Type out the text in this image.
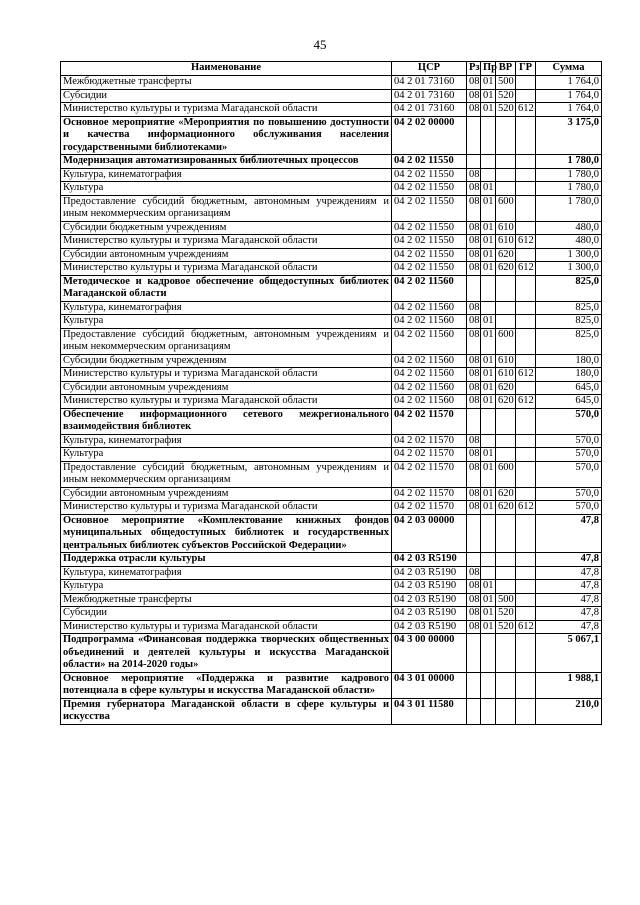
45
Наименование	ЦСР	Рз	Пр	ВР	ГР	Сумма
Межбюджетные трансферты	04 2 01 73160	08	01	500		1 764,0
Субсидии	04 2 01 73160	08	01	520		1 764,0
Министерство культуры и туризма Магаданской области	04 2 01 73160	08	01	520	612	1 764,0
Основное мероприятие «Мероприятия по повышению доступности и качества информационного обслуживания населения государственными библиотеками»	04 2 02 00000					3 175,0
Модернизация автоматизированных библиотечных процессов	04 2 02 11550					1 780,0
Культура, кинематография	04 2 02 11550	08				1 780,0
Культура	04 2 02 11550	08	01			1 780,0
Предоставление субсидий бюджетным, автономным учреждениям и иным некоммерческим организациям	04 2 02 11550	08	01	600		1 780,0
Субсидии бюджетным учреждениям	04 2 02 11550	08	01	610		480,0
Министерство культуры и туризма Магаданской области	04 2 02 11550	08	01	610	612	480,0
Субсидии автономным учреждениям	04 2 02 11550	08	01	620		1 300,0
Министерство культуры и туризма Магаданской области	04 2 02 11550	08	01	620	612	1 300,0
Методическое и кадровое обеспечение общедоступных библиотек Магаданской области	04 2 02 11560					825,0
Культура, кинематография	04 2 02 11560	08				825,0
Культура	04 2 02 11560	08	01			825,0
Предоставление субсидий бюджетным, автономным учреждениям и иным некоммерческим организациям	04 2 02 11560	08	01	600		825,0
Субсидии бюджетным учреждениям	04 2 02 11560	08	01	610		180,0
Министерство культуры и туризма Магаданской области	04 2 02 11560	08	01	610	612	180,0
Субсидии автономным учреждениям	04 2 02 11560	08	01	620		645,0
Министерство культуры и туризма Магаданской области	04 2 02 11560	08	01	620	612	645,0
Обеспечение информационного сетевого межрегионального взаимодействия библиотек	04 2 02 11570					570,0
Культура, кинематография	04 2 02 11570	08				570,0
Культура	04 2 02 11570	08	01			570,0
Предоставление субсидий бюджетным, автономным учреждениям и иным некоммерческим организациям	04 2 02 11570	08	01	600		570,0
Субсидии автономным учреждениям	04 2 02 11570	08	01	620		570,0
Министерство культуры и туризма Магаданской области	04 2 02 11570	08	01	620	612	570,0
Основное мероприятие «Комплектование книжных фондов муниципальных общедоступных библиотек и государственных центральных библиотек субъектов Российской Федерации»	04 2 03 00000					47,8
Поддержка отрасли культуры	04 2 03 R5190					47,8
Культура, кинематография	04 2 03 R5190	08				47,8
Культура	04 2 03 R5190	08	01			47,8
Межбюджетные трансферты	04 2 03 R5190	08	01	500		47,8
Субсидии	04 2 03 R5190	08	01	520		47,8
Министерство культуры и туризма Магаданской области	04 2 03 R5190	08	01	520	612	47,8
Подпрограмма «Финансовая поддержка творческих общественных объединений и деятелей культуры и искусства Магаданской области» на 2014-2020 годы»	04 3 00 00000					5 067,1
Основное мероприятие «Поддержка и развитие кадрового потенциала в сфере культуры и искусства Магаданской области»	04 3 01 00000					1 988,1
Премия губернатора Магаданской области в сфере культуры и искусства	04 3 01 11580					210,0
